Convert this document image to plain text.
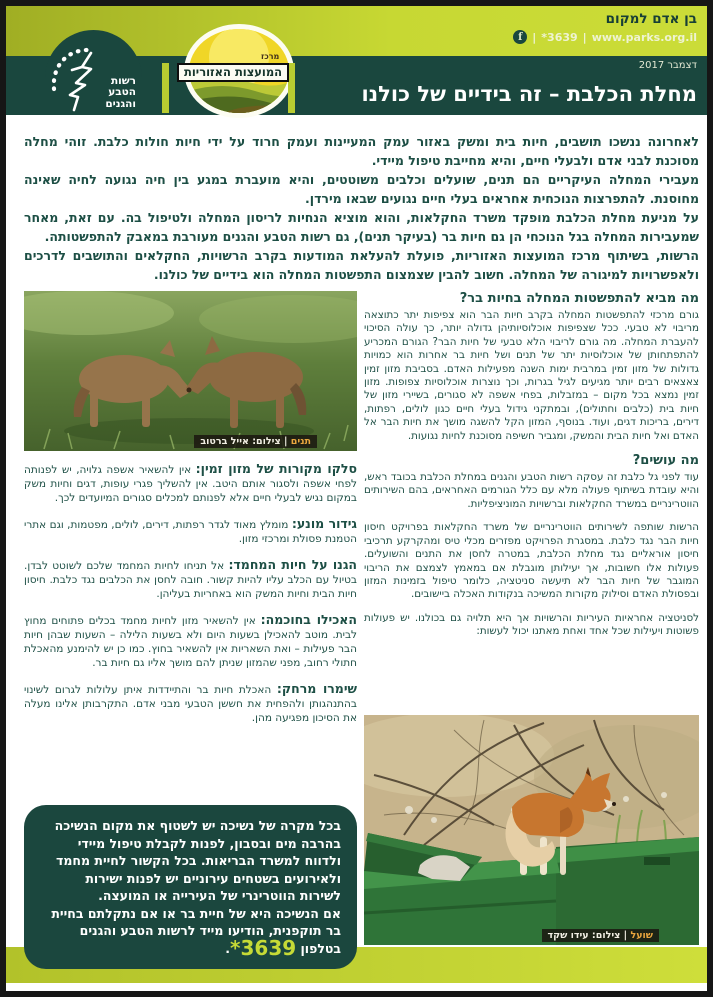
בן אדם למקום
www.parks.org.il
|
*3639
|
f
דצמבר 2017
מחלת הכלבת – זה בידיים של כולנו
רשות
הטבע
והגנים
מרכז
המועצות האזוריות

לאחרונה ננשכו תושבים, חיות בית ומשק באזור עמק המעיינות ועמק חרוד על ידי חיות חולות כלבת. זוהי מחלה מסוכנת לבני אדם ולבעלי חיים, והיא מחייבת טיפול מיידי.

מעבירי המחלה העיקריים הם תנים, שועלים וכלבים משוטטים, והיא מועברת במגע בין חיה נגועה לחיה שאינה מחוסנת. להתפרצות הנוכחית אחראים בעלי חיים נגועים שבאו מירדן.

על מניעת מחלת הכלבת מופקד משרד החקלאות, והוא מוציא הנחיות לריסון המחלה ולטיפול בה. עם זאת, מאחר שמעבירות המחלה בגל הנוכחי הן גם חיות בר (בעיקר תנים), גם רשות הטבע והגנים מעורבת במאבק להתפשטותה.

הרשות, בשיתוף מרכז המועצות האזוריות, פועלת להעלאת המודעות בקרב הרשויות, החקלאים והתושבים לדרכים ולאפשרויות למיגורה של המחלה. חשוב להבין שצמצום התפשטות המחלה הוא בידיים של כולנו.

מה מביא להתפשטות המחלה בחיות בר?

גורם מרכזי להתפשטות המחלה בקרב חיות הבר הוא צפיפות יתר כתוצאה מריבוי לא טבעי. ככל שצפיפות אוכלוסיותיהן גדולה יותר, כך עולה הסיכוי להעברת המחלה. מה גורם לריבוי הלא טבעי של חיות הבר? הגורם המכריע להתפתחותן של אוכלוסיות יתר של תנים ושל חיות בר אחרות הוא כמויות גדולות של מזון זמין במרבית ימות השנה מפעילות האדם. בסביבת מזון זמין צאצאים רבים יותר מגיעים לגיל בגרות, וכך נוצרות אוכלוסיות צפופות. מזון זמין נמצא בכל מקום – במזבלות, בפחי אשפה לא סגורים, בשיירי מזון של חיות בית (כלבים וחתולים), ובמתקני גידול בעלי חיים כגון לולים, רפתות, דירים, בריכות דגים, ועוד. בנוסף, המזון הקל להשגה מושך את חיות הבר אל האדם ואל חיות הבית והמשק, ומגביר חשיפה מסוכנת לחיות נגועות.

מה עושים?

עוד לפני גל כלבת זה עסקה רשות הטבע והגנים במחלת הכלבת בכובד ראש, והיא עובדת בשיתוף פעולה מלא עם כלל הגורמים האחראים, בהם השירותים הווטרינריים במשרד החקלאות וברשויות המוניציפליות.

הרשות שותפה לשירותים הווטרינריים של משרד החקלאות בפרויקט חיסון חיות הבר נגד כלבת. במסגרת הפרויקט מפזרים מכלי טיס ומהקרקע תרכיבי חיסון אוראליים נגד מחלת הכלבת, במטרה לחסן את התנים והשועלים. פעולות אלו חשובות, אך יעילותן מוגבלת אם במאמץ לצמצם את הריבוי המוגבר של חיות הבר לא תיעשה סניטציה, כלומר טיפול בזמינות המזון ובפסולת האדם וסילוק מקורות המשיכה בנקודות האכלה ביישובים.

לסניטציה אחראיות העיריות והרשויות אך היא תלויה גם בכולנו. יש פעולות פשוטות ויעילות שכל אחד ואחת מאתנו יכול לעשות:

שועל | צילום: עידו שקד
תנים | צילום: אייל ברטוב

סלקו מקורות של מזון זמין: אין להשאיר אשפה גלויה, יש לפנותה לפחי אשפה ולסגור אותם היטב. אין להשליך פגרי עופות, דגים וחיות משק במקום נגיש לבעלי חיים אלא לפנותם למכלים סגורים המיועדים לכך.

גידור מונע: מומלץ מאוד לגדר רפתות, דירים, לולים, מפטמות, וגם אתרי הטמנת פסולת ומרכזי מזון.

הגנו על חיות המחמד: אל תניחו לחיות המחמד שלכם לשוטט לבדן. בטיול עם הכלב עליו להיות קשור. חובה לחסן את הכלבים נגד כלבת. חיסון חיות הבית וחיות המשק הוא באחריות בעליהן.

האכילו בחוכמה: אין להשאיר מזון לחיות מחמד בכלים פתוחים מחוץ לבית. מוטב להאכילן בשעות היום ולא בשעות הלילה – השעות שבהן חיות הבר פעילות – ואת השאריות אין להשאיר בחוץ. כמו כן יש להימנע מהאכלת חתולי רחוב, מפני שהמזון שניתן להם מושך אליו גם חיות בר.

שימרו מרחק: האכלת חיות בר והתיידדות איתן עלולות לגרום לשינוי בהתנהגותן ולהפחית את חששן הטבעי מבני אדם. התקרבותן אלינו מעלה את הסיכון מפגיעה מהן.

בכל מקרה של נשיכה יש לשטוף את מקום הנשיכה בהרבה מים ובסבון, לפנות לקבלת טיפול מיידי ולדווח למשרד הבריאות. בכל הקשור לחיית מחמד ולאירועים בשטחים עירוניים יש לפנות ישירות לשירות הווטרינרי של העירייה או המועצה.

אם הנשיכה היא של חיית בר או אם נתקלתם בחיית בר תוקפנית, הודיעו מייד לרשות הטבע והגנים בטלפון *3639.
